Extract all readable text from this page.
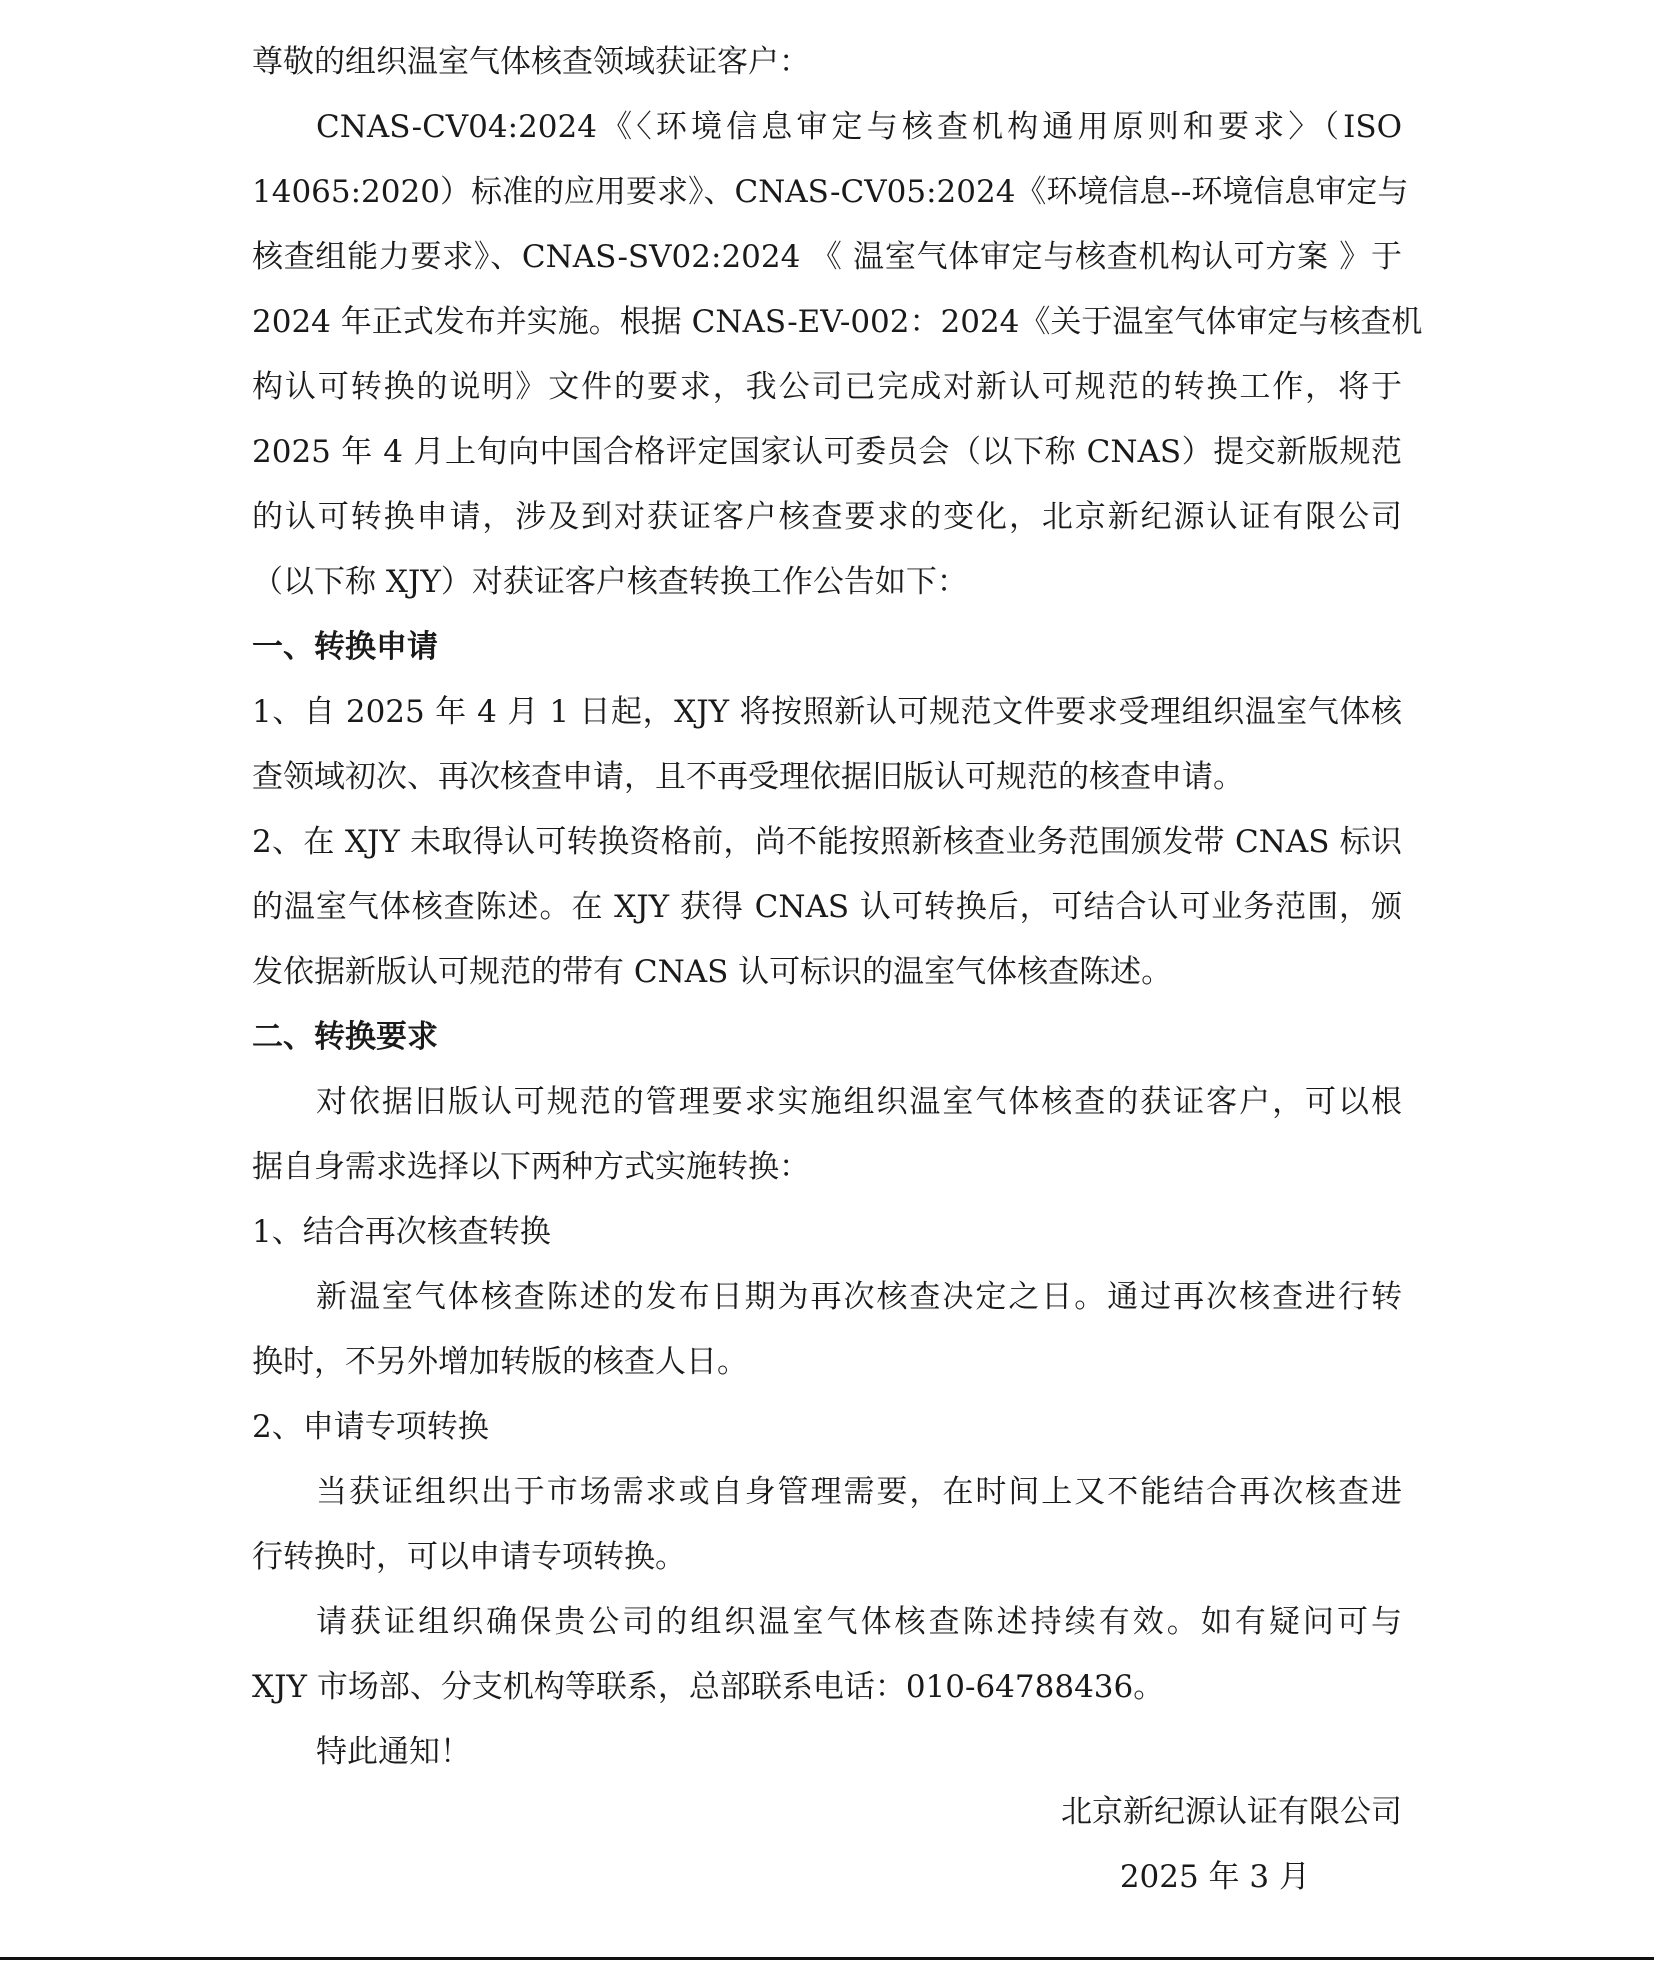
尊敬的组织温室气体核查领域获证客户：
CNAS-CV04:2024《〈环境信息审定与核查机构通用原则和要求〉（ISO
14065:2020）标准的应用要求》、CNAS-CV05:2024《环境信息--环境信息审定与
核查组能力要求》、CNAS-SV02:2024 《 温室气体审定与核查机构认可方案 》于
2024 年正式发布并实施。根据 CNAS-EV-002：2024《关于温室气体审定与核查机
构认可转换的说明》文件的要求，我公司已完成对新认可规范的转换工作，将于
2025 年 4 月上旬向中国合格评定国家认可委员会（以下称 CNAS）提交新版规范
的认可转换申请，涉及到对获证客户核查要求的变化，北京新纪源认证有限公司
（以下称 XJY）对获证客户核查转换工作公告如下：
一、转换申请
1、自 2025 年 4 月 1 日起，XJY 将按照新认可规范文件要求受理组织温室气体核
查领域初次、再次核查申请，且不再受理依据旧版认可规范的核查申请。
2、在 XJY 未取得认可转换资格前，尚不能按照新核查业务范围颁发带 CNAS 标识
的温室气体核查陈述。在 XJY 获得 CNAS 认可转换后，可结合认可业务范围，颁
发依据新版认可规范的带有 CNAS 认可标识的温室气体核查陈述。
二、转换要求
对依据旧版认可规范的管理要求实施组织温室气体核查的获证客户，可以根
据自身需求选择以下两种方式实施转换：
1、结合再次核查转换
新温室气体核查陈述的发布日期为再次核查决定之日。通过再次核查进行转
换时，不另外增加转版的核查人日。
2、申请专项转换
当获证组织出于市场需求或自身管理需要，在时间上又不能结合再次核查进
行转换时，可以申请专项转换。
请获证组织确保贵公司的组织温室气体核查陈述持续有效。如有疑问可与
XJY 市场部、分支机构等联系，总部联系电话：010-64788436。
特此通知！
北京新纪源认证有限公司
2025 年 3 月
